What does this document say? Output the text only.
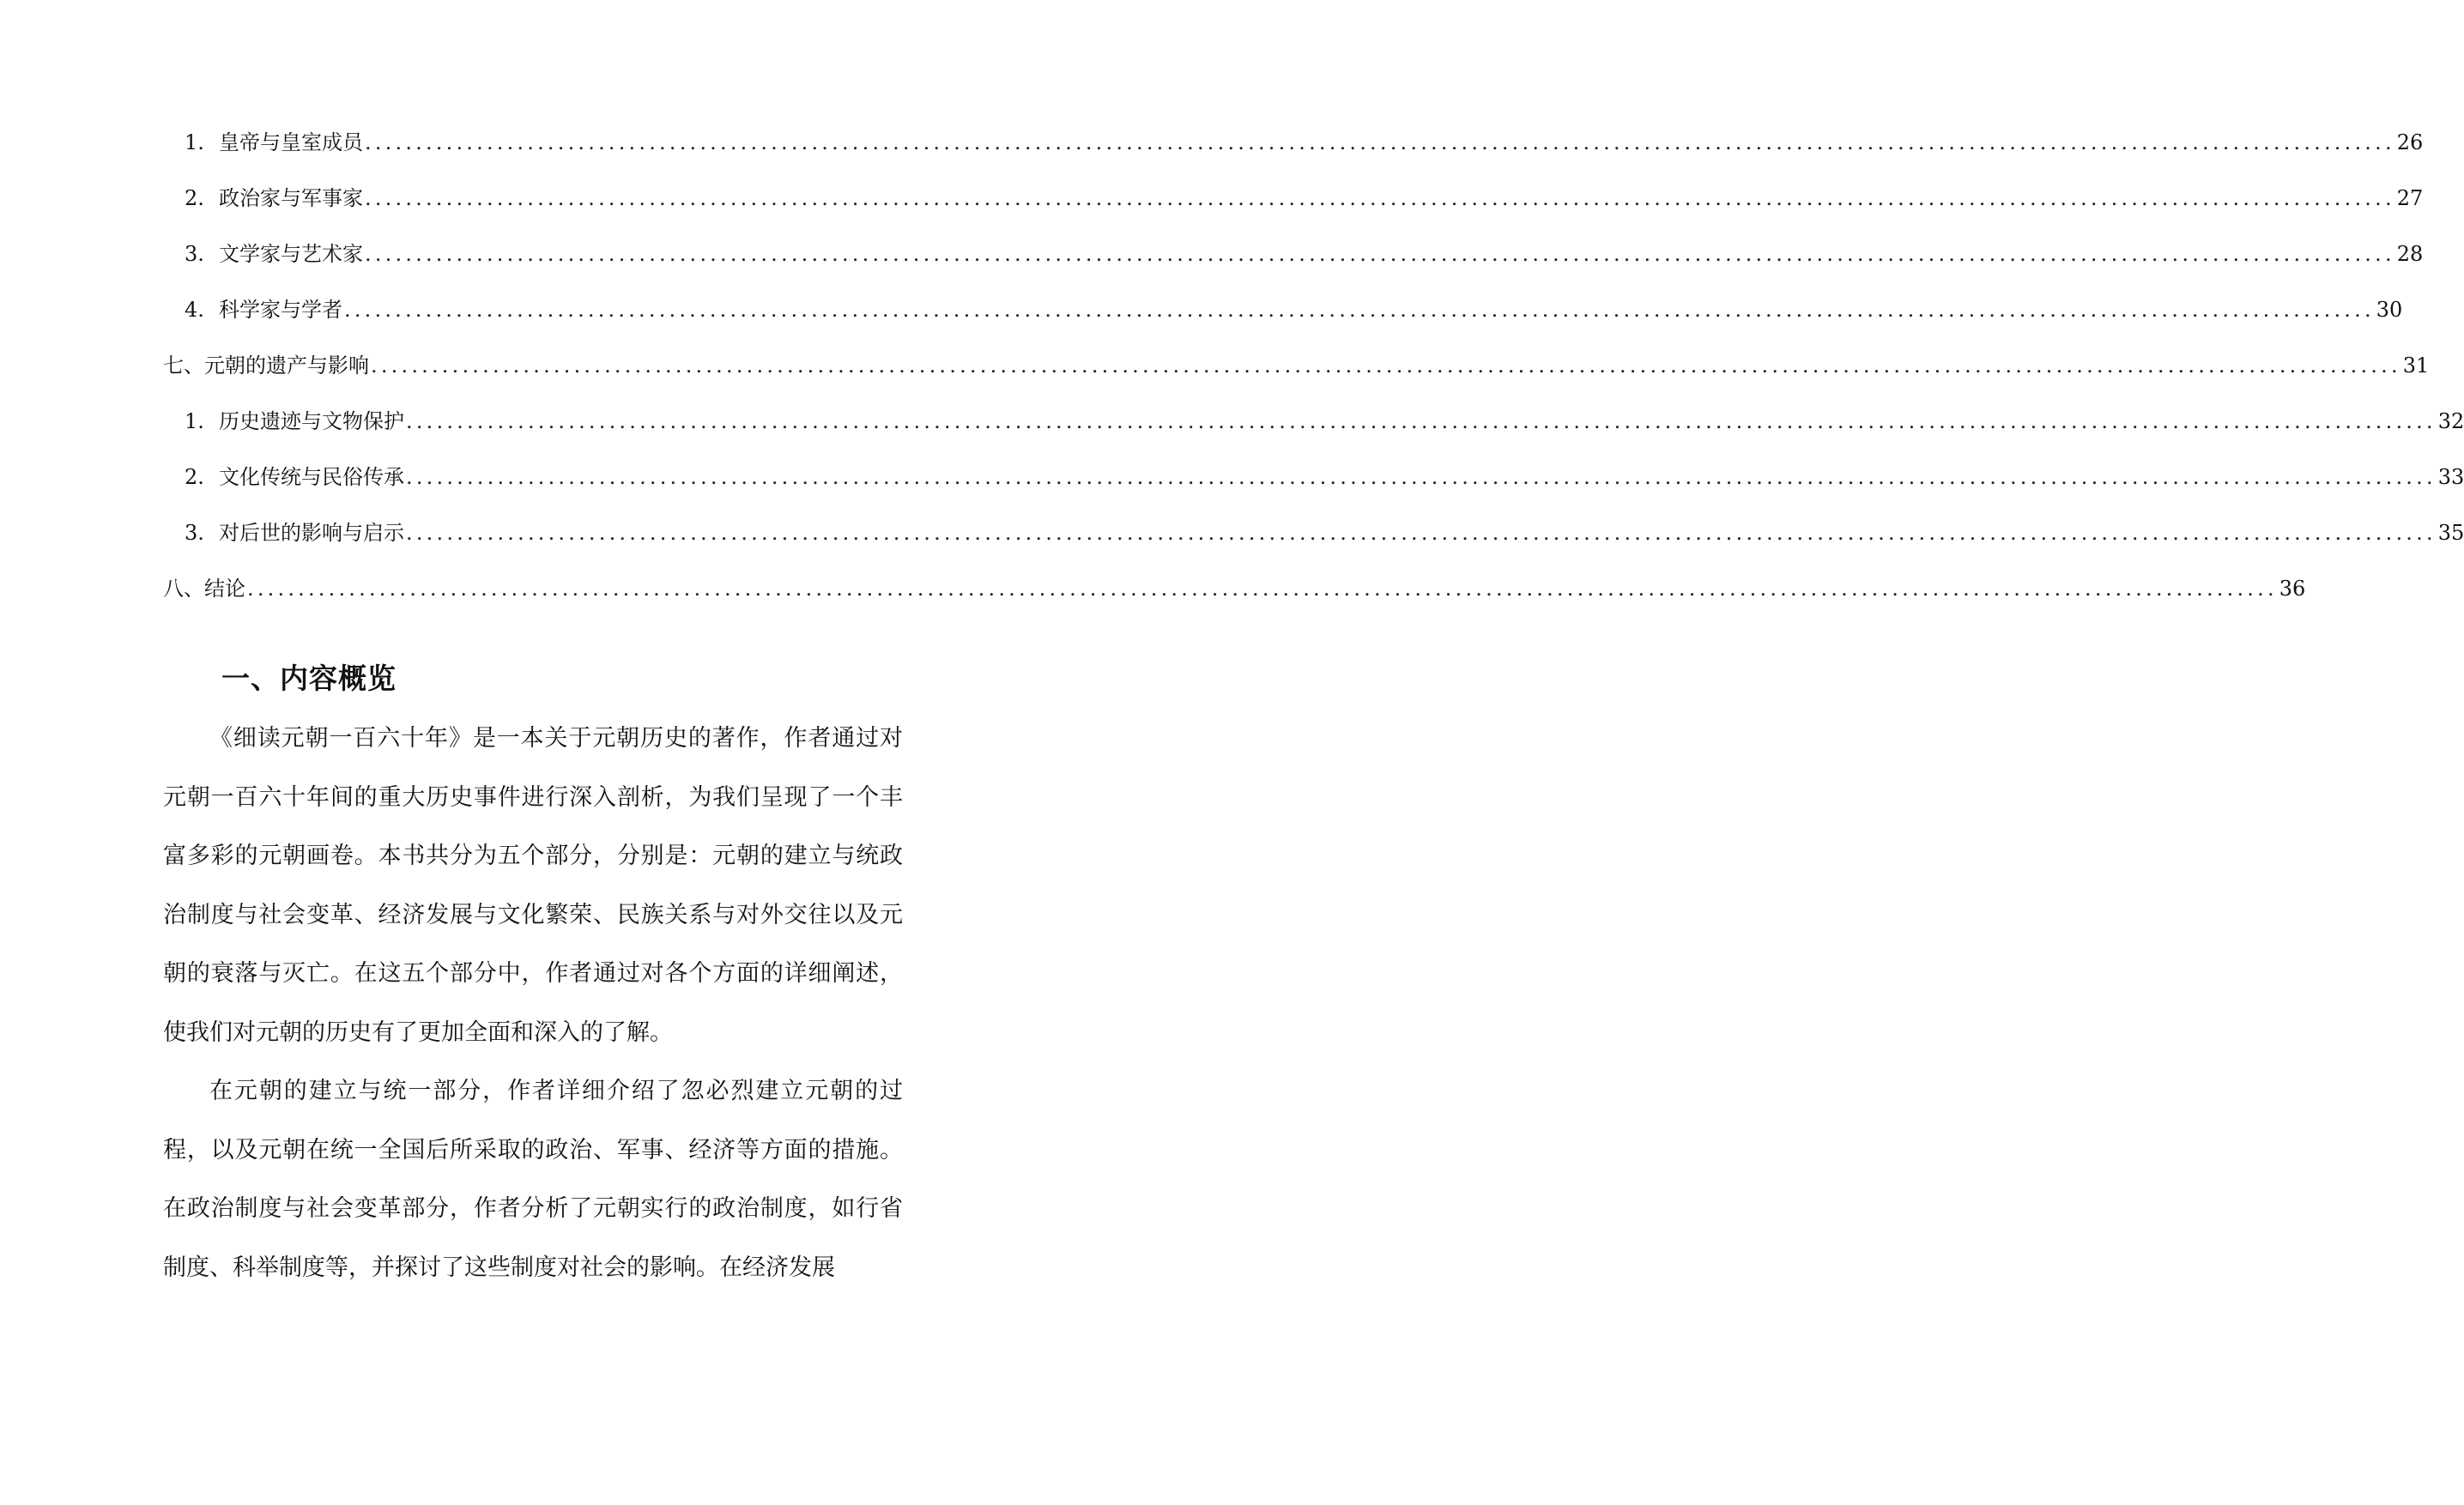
1. 皇帝与皇室成员 ........................................................................................................................................................................................................ 26
2. 政治家与军事家 ........................................................................................................................................................................................................ 27
3. 文学家与艺术家 ........................................................................................................................................................................................................ 28
4. 科学家与学者 ........................................................................................................................................................................................................ 30
七、元朝的遗产与影响 ........................................................................................................................................................................................................ 31
1. 历史遗迹与文物保护 ........................................................................................................................................................................................................ 32
2. 文化传统与民俗传承 ........................................................................................................................................................................................................ 33
3. 对后世的影响与启示 ........................................................................................................................................................................................................ 35
八、结论 ........................................................................................................................................................................................................ 36
一、内容概览

《细读元朝一百六十年》是一本关于元朝历史的著作，作者通过对元朝一百六十年间的重大历史事件进行深入剖析，为我们呈现了一个丰富多彩的元朝画卷。本书共分为五个部分，分别是：元朝的建立与统政治制度与社会变革、经济发展与文化繁荣、民族关系与对外交往以及元朝的衰落与灭亡。在这五个部分中，作者通过对各个方面的详细阐述，使我们对元朝的历史有了更加全面和深入的了解。

在元朝的建立与统一部分，作者详细介绍了忽必烈建立元朝的过程，以及元朝在统一全国后所采取的政治、军事、经济等方面的措施。在政治制度与社会变革部分，作者分析了元朝实行的政治制度，如行省制度、科举制度等，并探讨了这些制度对社会的影响。在经济发展
